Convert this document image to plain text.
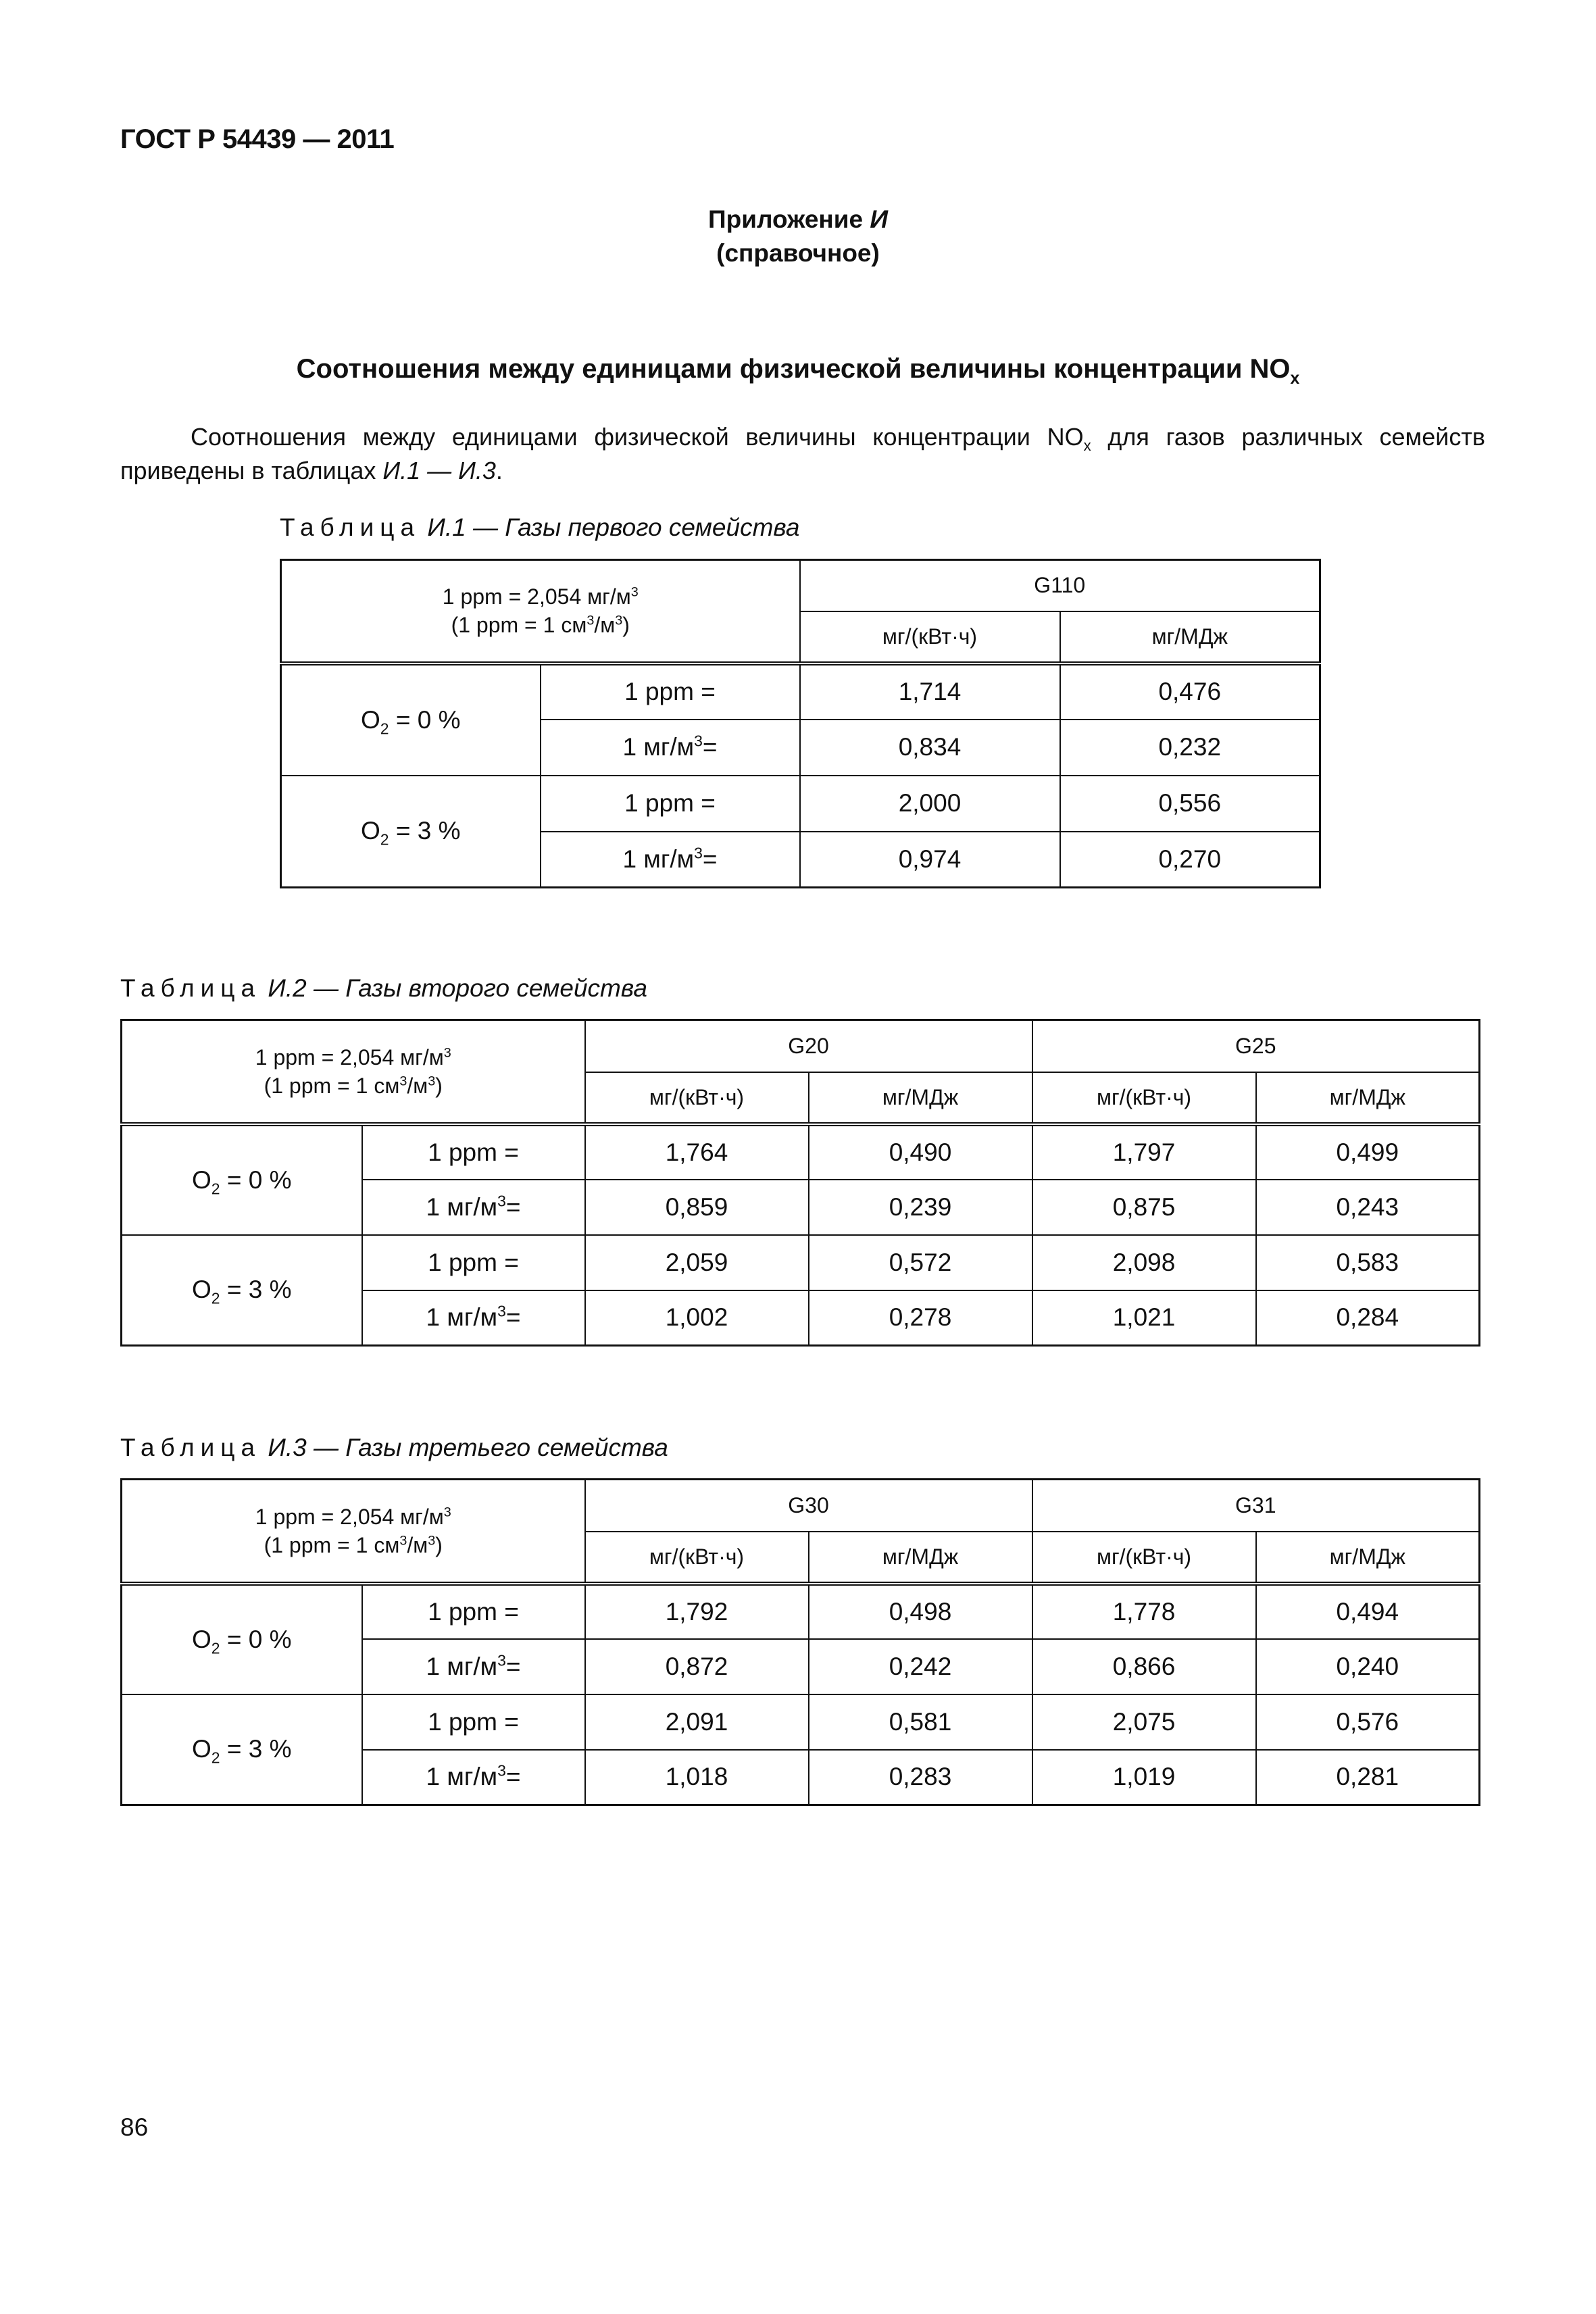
ГОСТ Р 54439 — 2011
Приложение И
(справочное)
Соотношения между единицами физической величины концентрации $NO_x$
Соотношения между единицами физической величины концентрации $NO_x$ для газов различных семейств приведены в таблицах И.1 — И.3.
Таблица И.1 — Газы первого семейства
1 ppm = 2,054 $мг/м^3$
(1 ppm = 1 $см^3/м^3$)		G110	
		мг/(кВт·ч)	мг/МДж
$O_2 = 0$ %	1 ppm =	1,714	0,476
	1 $мг/м^3=$	0,834	0,232
$O_2 = 3$ %	1 ppm =	2,000	0,556
	1 $мг/м^3=$	0,974	0,270
Таблица И.2 — Газы второго семейства
1 ppm = 2,054 $мг/м^3$
(1 ppm = 1 $см^3/м^3$)		G20		G25	
		мг/(кВт·ч)	мг/МДж	мг/(кВт·ч)	мг/МДж
$O_2 = 0$ %	1 ppm =	1,764	0,490	1,797	0,499
	1 $мг/м^3=$	0,859	0,239	0,875	0,243
$O_2 = 3$ %	1 ppm =	2,059	0,572	2,098	0,583
	1 $мг/м^3=$	1,002	0,278	1,021	0,284
Таблица И.3 — Газы третьего семейства
1 ppm = 2,054 $мг/м^3$
(1 ppm = 1 $см^3/м^3$)		G30		G31	
		мг/(кВт·ч)	мг/МДж	мг/(кВт·ч)	мг/МДж
$O_2 = 0$ %	1 ppm =	1,792	0,498	1,778	0,494
	1 $мг/м^3=$	0,872	0,242	0,866	0,240
$O_2 = 3$ %	1 ppm =	2,091	0,581	2,075	0,576
	1 $мг/м^3=$	1,018	0,283	1,019	0,281
86
